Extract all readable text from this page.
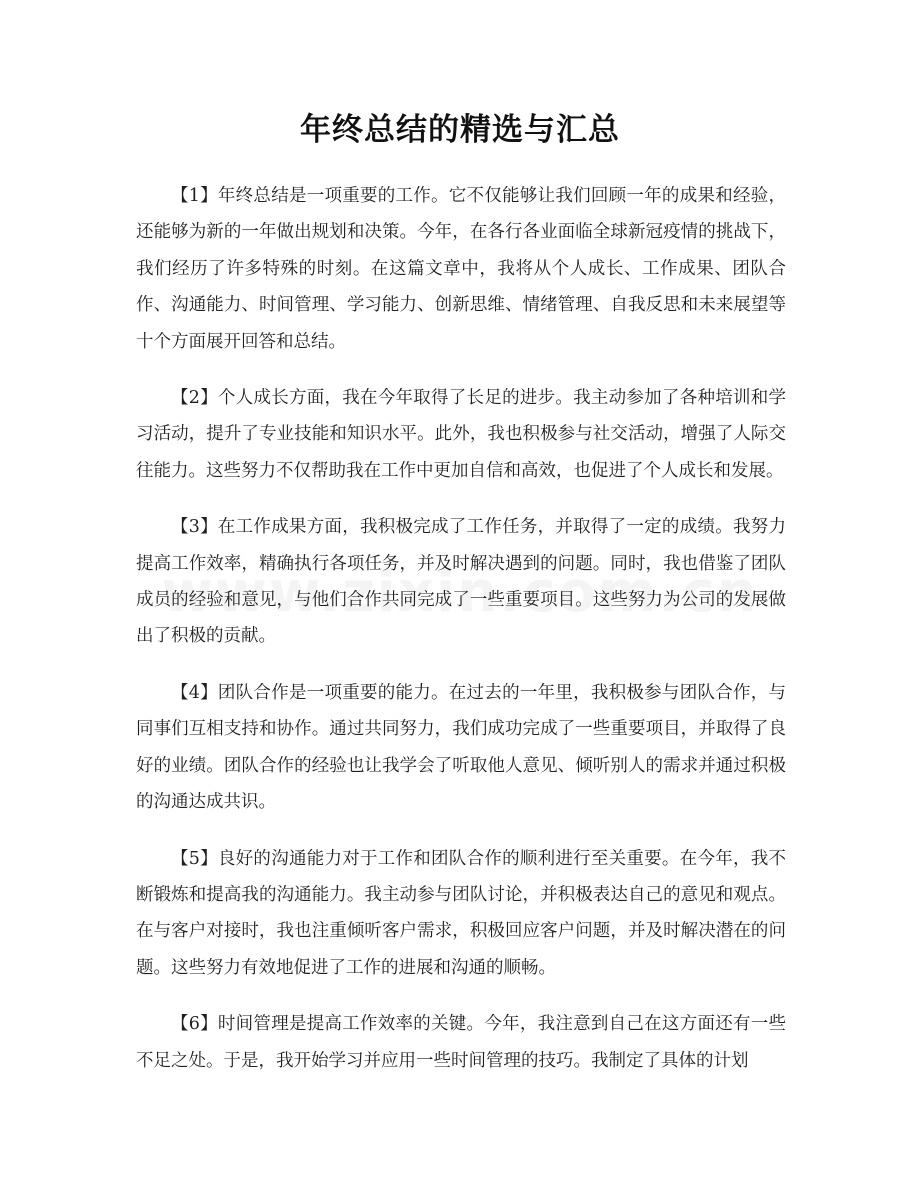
年终总结的精选与汇总

【1】年终总结是一项重要的工作。它不仅能够让我们回顾一年的成果和经验，还能够为新的一年做出规划和决策。今年，在各行各业面临全球新冠疫情的挑战下，我们经历了许多特殊的时刻。在这篇文章中，我将从个人成长、工作成果、团队合作、沟通能力、时间管理、学习能力、创新思维、情绪管理、自我反思和未来展望等十个方面展开回答和总结。

【2】个人成长方面，我在今年取得了长足的进步。我主动参加了各种培训和学习活动，提升了专业技能和知识水平。此外，我也积极参与社交活动，增强了人际交往能力。这些努力不仅帮助我在工作中更加自信和高效，也促进了个人成长和发展。

【3】在工作成果方面，我积极完成了工作任务，并取得了一定的成绩。我努力提高工作效率，精确执行各项任务，并及时解决遇到的问题。同时，我也借鉴了团队成员的经验和意见，与他们合作共同完成了一些重要项目。这些努力为公司的发展做出了积极的贡献。

【4】团队合作是一项重要的能力。在过去的一年里，我积极参与团队合作，与同事们互相支持和协作。通过共同努力，我们成功完成了一些重要项目，并取得了良好的业绩。团队合作的经验也让我学会了听取他人意见、倾听别人的需求并通过积极的沟通达成共识。

【5】良好的沟通能力对于工作和团队合作的顺利进行至关重要。在今年，我不断锻炼和提高我的沟通能力。我主动参与团队讨论，并积极表达自己的意见和观点。在与客户对接时，我也注重倾听客户需求，积极回应客户问题，并及时解决潜在的问题。这些努力有效地促进了工作的进展和沟通的顺畅。

【6】时间管理是提高工作效率的关键。今年，我注意到自己在这方面还有一些不足之处。于是，我开始学习并应用一些时间管理的技巧。我制定了具体的计划
